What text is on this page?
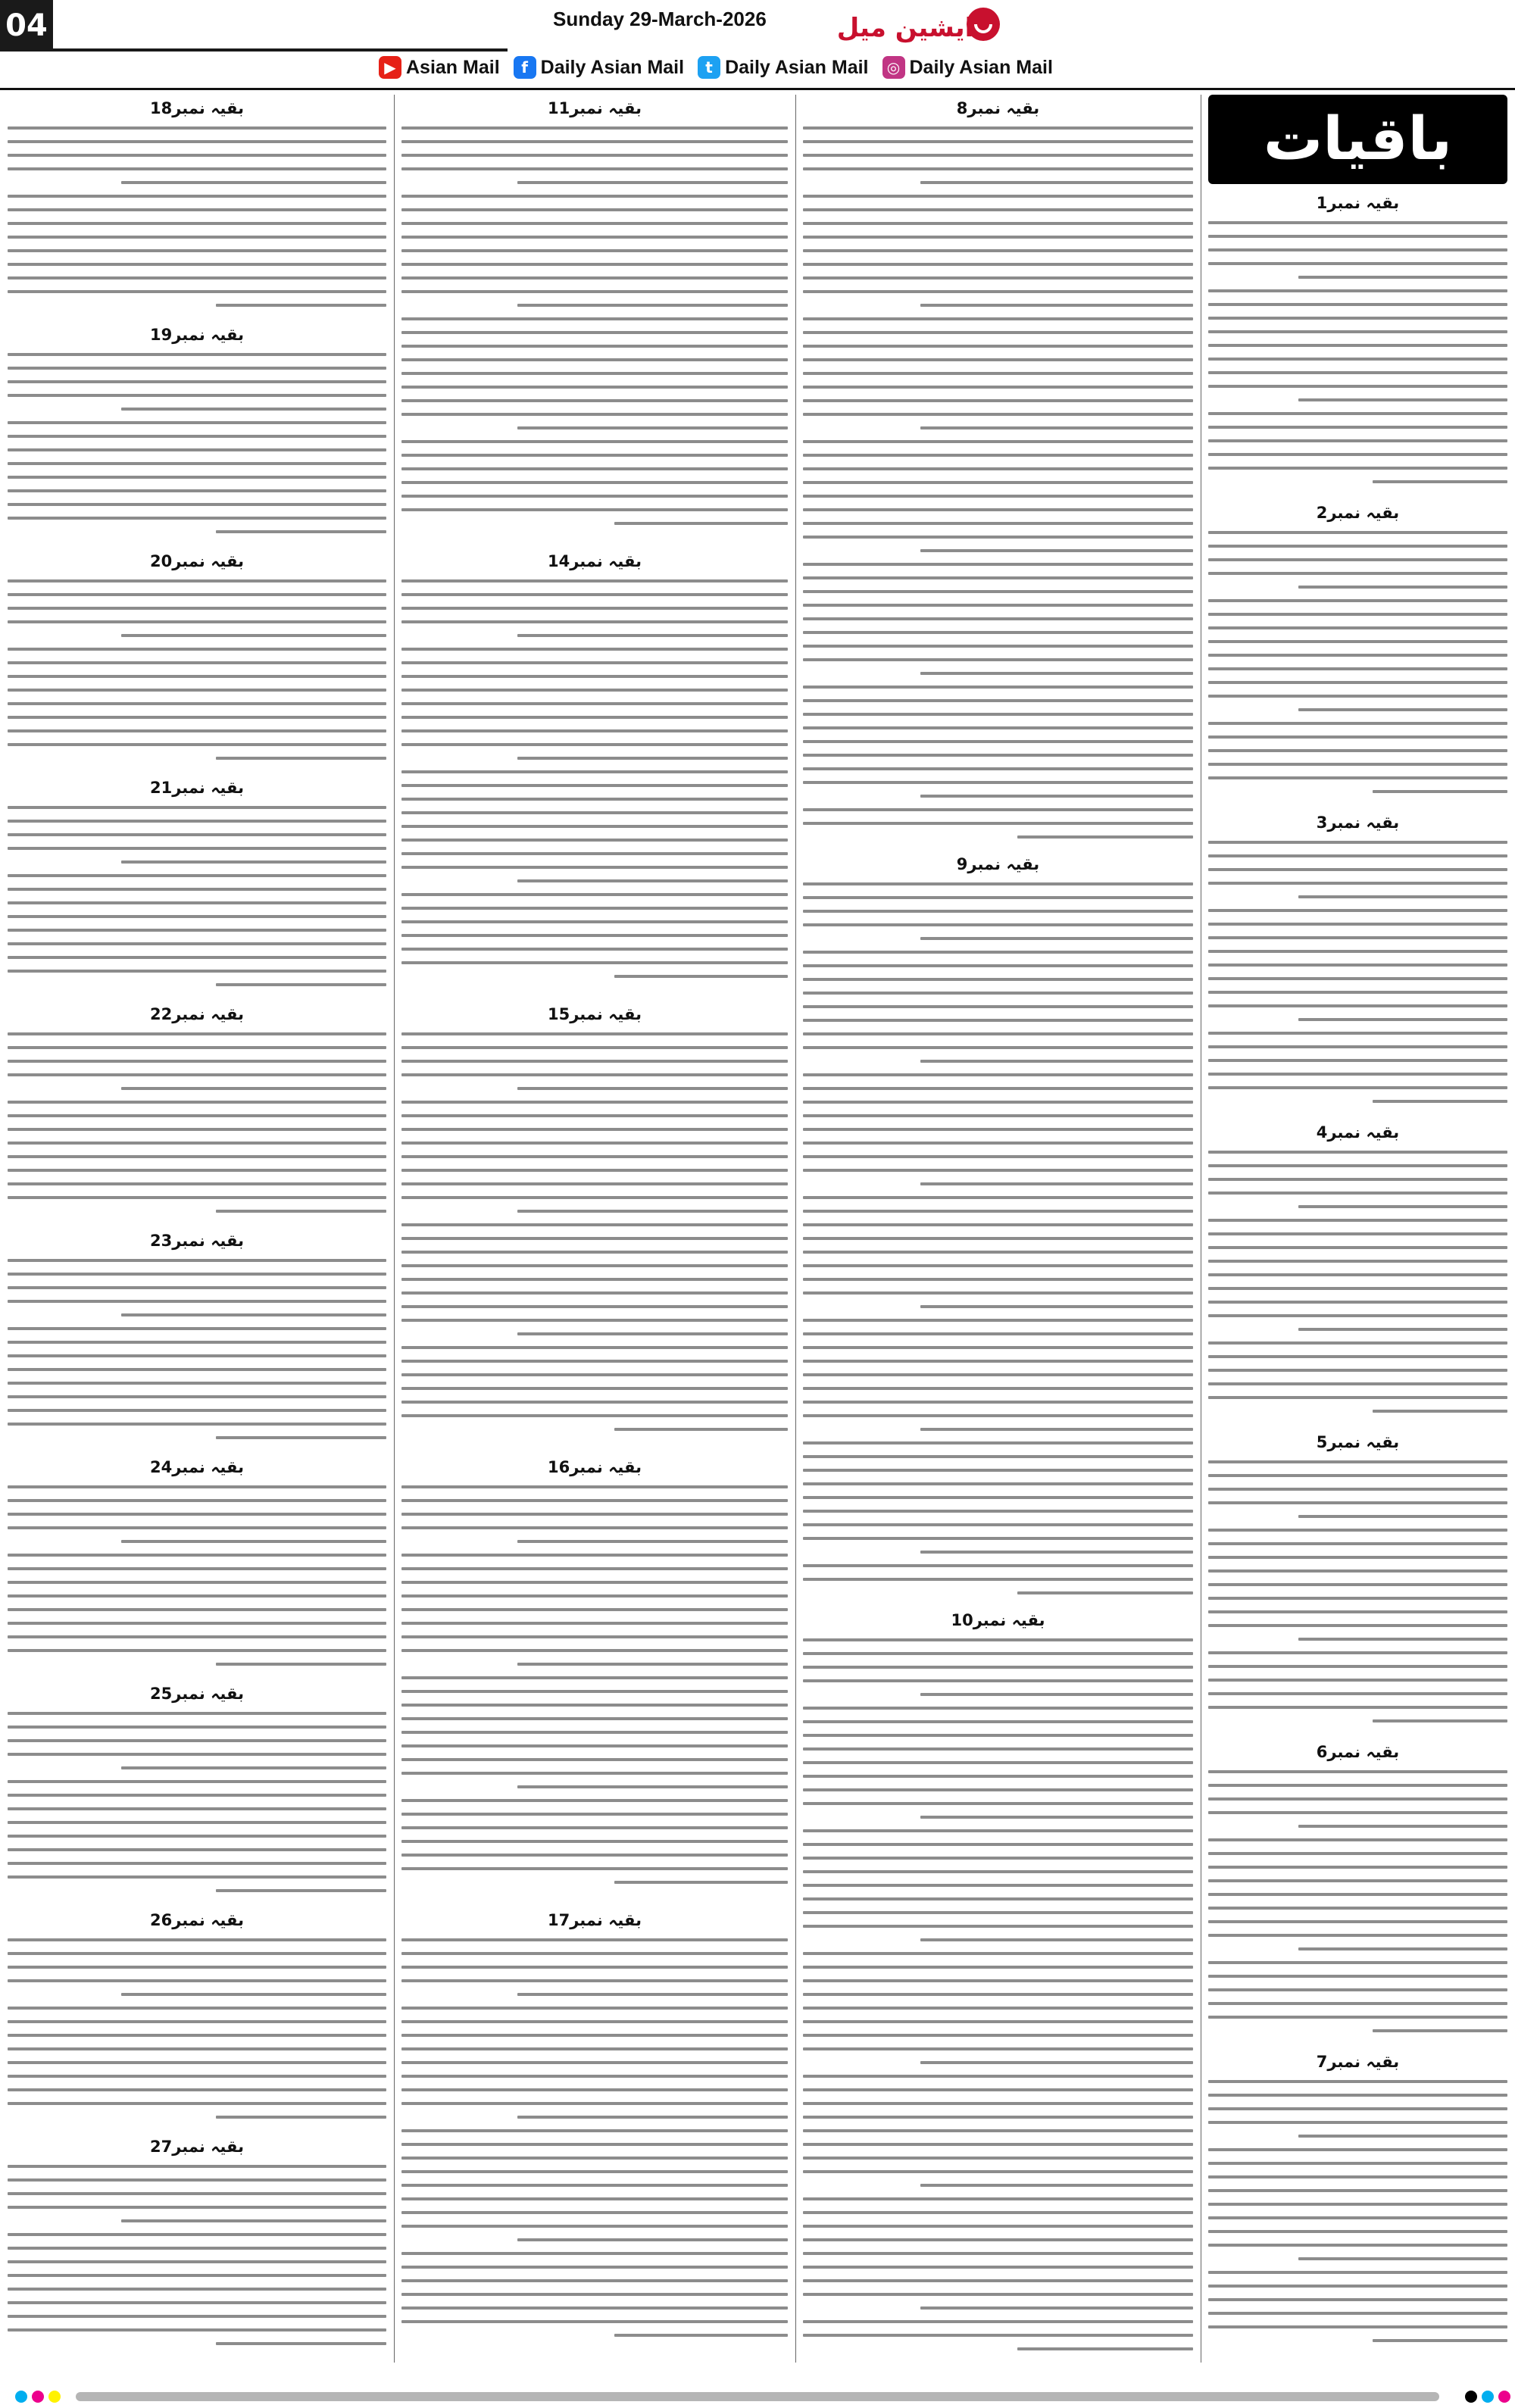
04	Sunday 29-March-2026	ایشین میل
▶ Asian Mail	f Daily Asian Mail	t Daily Asian Mail	◎ Daily Asian Mail
باقیات
بقیہ نمبر1
بقیہ نمبر2
بقیہ نمبر3
بقیہ نمبر4
بقیہ نمبر5
بقیہ نمبر6
بقیہ نمبر7
بقیہ نمبر8
بقیہ نمبر9
بقیہ نمبر10
بقیہ نمبر11
بقیہ نمبر14
بقیہ نمبر15
بقیہ نمبر16
بقیہ نمبر17
بقیہ نمبر18
بقیہ نمبر19
بقیہ نمبر20
بقیہ نمبر21
بقیہ نمبر22
بقیہ نمبر23
بقیہ نمبر24
بقیہ نمبر25
بقیہ نمبر26
بقیہ نمبر27
